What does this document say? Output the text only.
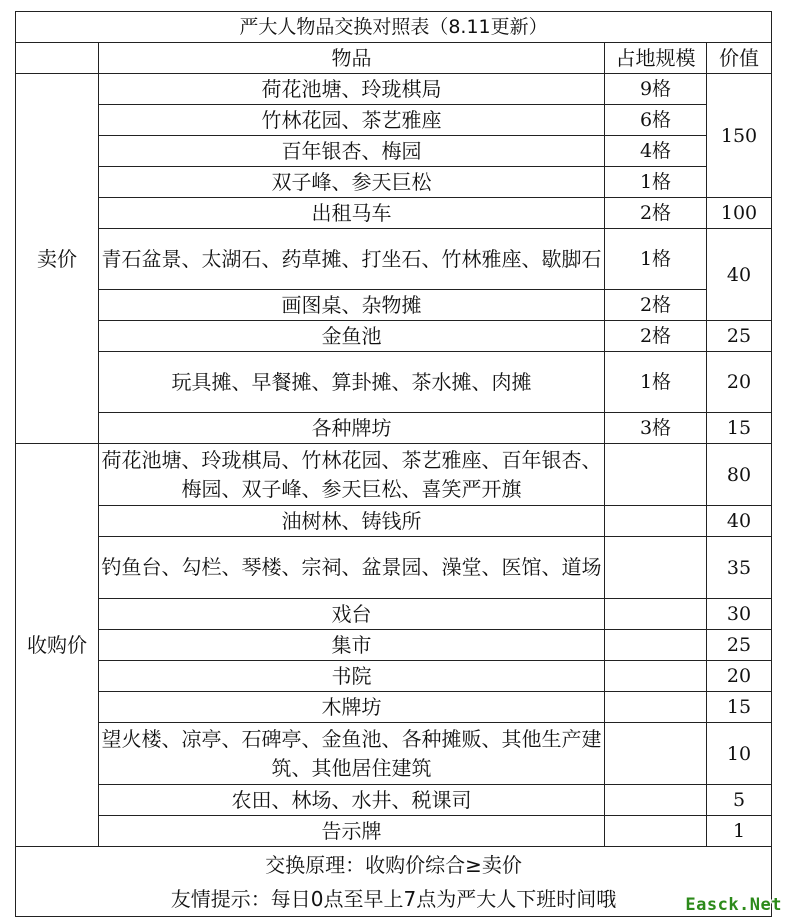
严大人物品交换对照表（8.11更新）			
	物品	占地规模	价值
卖价	荷花池塘、玲珑棋局	9格	150
	竹林花园、茶艺雅座	6格	
	百年银杏、梅园	4格	
	双子峰、参天巨松	1格	
	出租马车	2格	100
	青石盆景、太湖石、药草摊、打坐石、竹林雅座、歇脚石	1格	40
	画图桌、杂物摊	2格	
	金鱼池	2格	25
	玩具摊、早餐摊、算卦摊、茶水摊、肉摊	1格	20
	各种牌坊	3格	15
收购价	荷花池塘、玲珑棋局、竹林花园、茶艺雅座、百年银杏、梅园、双子峰、参天巨松、喜笑严开旗		80
	油树林、铸钱所		40
	钓鱼台、勾栏、琴楼、宗祠、盆景园、澡堂、医馆、道场		35
	戏台		30
	集市		25
	书院		20
	木牌坊		15
	望火楼、凉亭、石碑亭、金鱼池、各种摊贩、其他生产建筑、其他居住建筑		10
	农田、林场、水井、税课司		5
	告示牌		1

交换原理：收购价综合≥卖价
友情提示：每日0点至早上7点为严大人下班时间哦				Easck.Net
